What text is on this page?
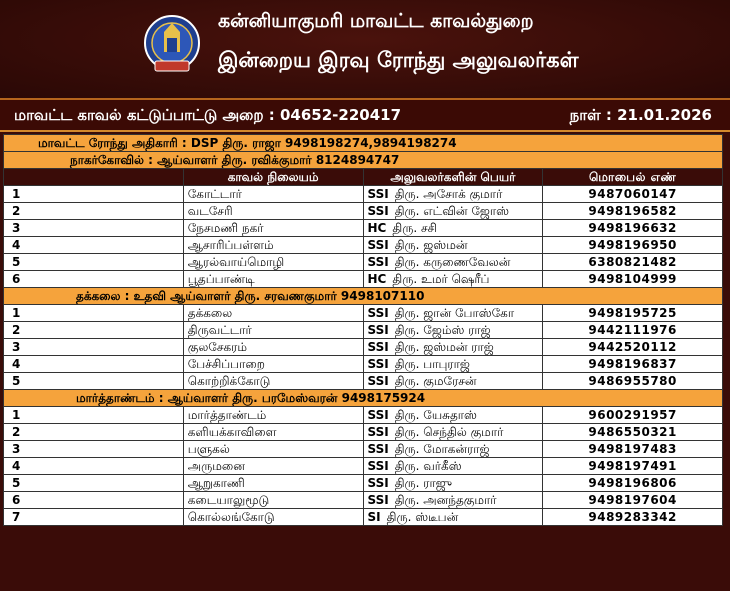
கன்னியாகுமரி மாவட்ட காவல்துறை
இன்றைய இரவு ரோந்து அலுவலர்கள்
மாவட்ட காவல் கட்டுப்பாட்டு அறை : 04652-220417	நாள் : 21.01.2026
மாவட்ட ரோந்து அதிகாரி : DSP திரு. ராஜா 9498198274,9894198274			
நாகர்கோவில் : ஆய்வாளர் திரு. ரவிக்குமார் 8124894747			
	காவல் நிலையம்	அலுவலர்களின் பெயர்	மொபைல் எண்
1	கோட்டார்	SSI திரு. அசோக் குமார்	9487060147
2	வடசேரி	SSI திரு. எட்வின் ஜோஸ்	9498196582
3	நேசமணி நகர்	HC திரு. சசி	9498196632
4	ஆசாரிப்பள்ளம்	SSI திரு. ஜஸ்மன்	9498196950
5	ஆரல்வாய்மொழி	SSI திரு. கருணைவேலன்	6380821482
6	பூதப்பாண்டி	HC திரு. உமர் ஷெரீப்	9498104999
தக்கலை : உதவி ஆய்வாளர் திரு. சரவணகுமார் 9498107110			
1	தக்கலை	SSI திரு. ஜான் போஸ்கோ	9498195725
2	திருவட்டார்	SSI திரு. ஜேம்ஸ் ராஜ்	9442111976
3	குலசேகரம்	SSI திரு. ஜஸ்மன் ராஜ்	9442520112
4	பேச்சிப்பாறை	SSI திரு. பாபுராஜ்	9498196837
5	கொற்றிக்கோடு	SSI திரு. குமரேசன்	9486955780
மார்த்தாண்டம் : ஆய்வாளர் திரு. பரமேஸ்வரன் 9498175924			
1	மார்த்தாண்டம்	SSI திரு. யேசுதாஸ்	9600291957
2	களியக்காவிளை	SSI திரு. செந்தில் குமார்	9486550321
3	பளுகல்	SSI திரு. மோகன்ராஜ்	9498197483
4	அருமனை	SSI திரு. வர்கீஸ்	9498197491
5	ஆறுகாணி	SSI திரு. ராஜு	9498196806
6	கடையாலுமூடு	SSI திரு. அனந்தகுமார்	9498197604
7	கொல்லங்கோடு	SI திரு. ஸ்டீபன்	9489283342
